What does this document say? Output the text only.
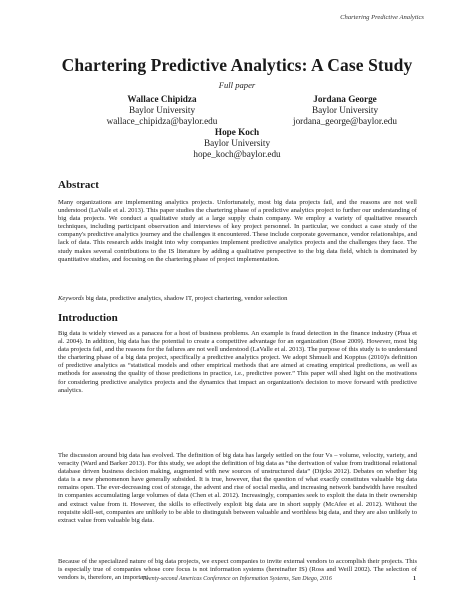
Chartering Predictive Analytics
Chartering Predictive Analytics: A Case Study
Full paper
Wallace Chipidza
Baylor University
wallace_chipidza@baylor.edu
Jordana George
Baylor University
jordana_george@baylor.edu
Hope Koch
Baylor University
hope_koch@baylor.edu
Abstract

Many organizations are implementing analytics projects. Unfortunately, most big data projects fail, and the reasons are not well understood (LaValle et al. 2013). This paper studies the chartering phase of a predictive analytics project to further our understanding of big data projects. We conduct a qualitative study at a large supply chain company. We employ a variety of qualitative research techniques, including participant observation and interviews of key project personnel. In particular, we conduct a case study of the company's predictive analytics journey and the challenges it encountered. These include corporate governance, vendor relationships, and lack of data. This research adds insight into why companies implement predictive analytics projects and the challenges they face. The study makes several contributions to the IS literature by adding a qualitative perspective to the big data field, which is dominated by quantitative studies, and focusing on the chartering phase of project implementation.

Keywords big data, predictive analytics, shadow IT, project chartering, vendor selection

Introduction

Big data is widely viewed as a panacea for a host of business problems. An example is fraud detection in the finance industry (Phua et al. 2004). In addition, big data has the potential to create a competitive advantage for an organization (Bose 2009). However, most big data projects fail, and the reasons for the failures are not well understood (LaValle et al. 2013). The purpose of this study is to understand the chartering phase of a big data project, specifically a predictive analytics project. We adopt Shmueli and Koppius (2010)'s definition of predictive analytics as “statistical models and other empirical methods that are aimed at creating empirical predictions, as well as methods for assessing the quality of those predictions in practice, i.e., predictive power.” This paper will shed light on the motivations for considering predictive analytics projects and the dynamics that impact an organization's decision to move forward with predictive analytics.

The discussion around big data has evolved. The definition of big data has largely settled on the four Vs – volume, velocity, variety, and veracity (Ward and Barker 2013). For this study, we adopt the definition of big data as “the derivation of value from traditional relational database driven business decision making, augmented with new sources of unstructured data” (Dijcks 2012). Debates on whether big data is a new phenomenon have generally subsided. It is true, however, that the question of what exactly constitutes valuable big data remains open. The ever-decreasing cost of storage, the advent and rise of social media, and increasing network bandwidth have resulted in companies accumulating large volumes of data (Chen et al. 2012). Increasingly, companies seek to exploit the data in their ownership and extract value from it. However, the skills to effectively exploit big data are in short supply (McAfee et al. 2012). Without the requisite skill-set, companies are unlikely to be able to distinguish between valuable and worthless big data, and they are also unlikely to extract value from valuable big data.

Because of the specialized nature of big data projects, we expect companies to invite external vendors to accomplish their projects. This is especially true of companies whose core focus is not information systems (hereinafter IS) (Ross and Weill 2002). The selection of vendors is, therefore, an important

Twenty-second Americas Conference on Information Systems, San Diego, 2016	1
